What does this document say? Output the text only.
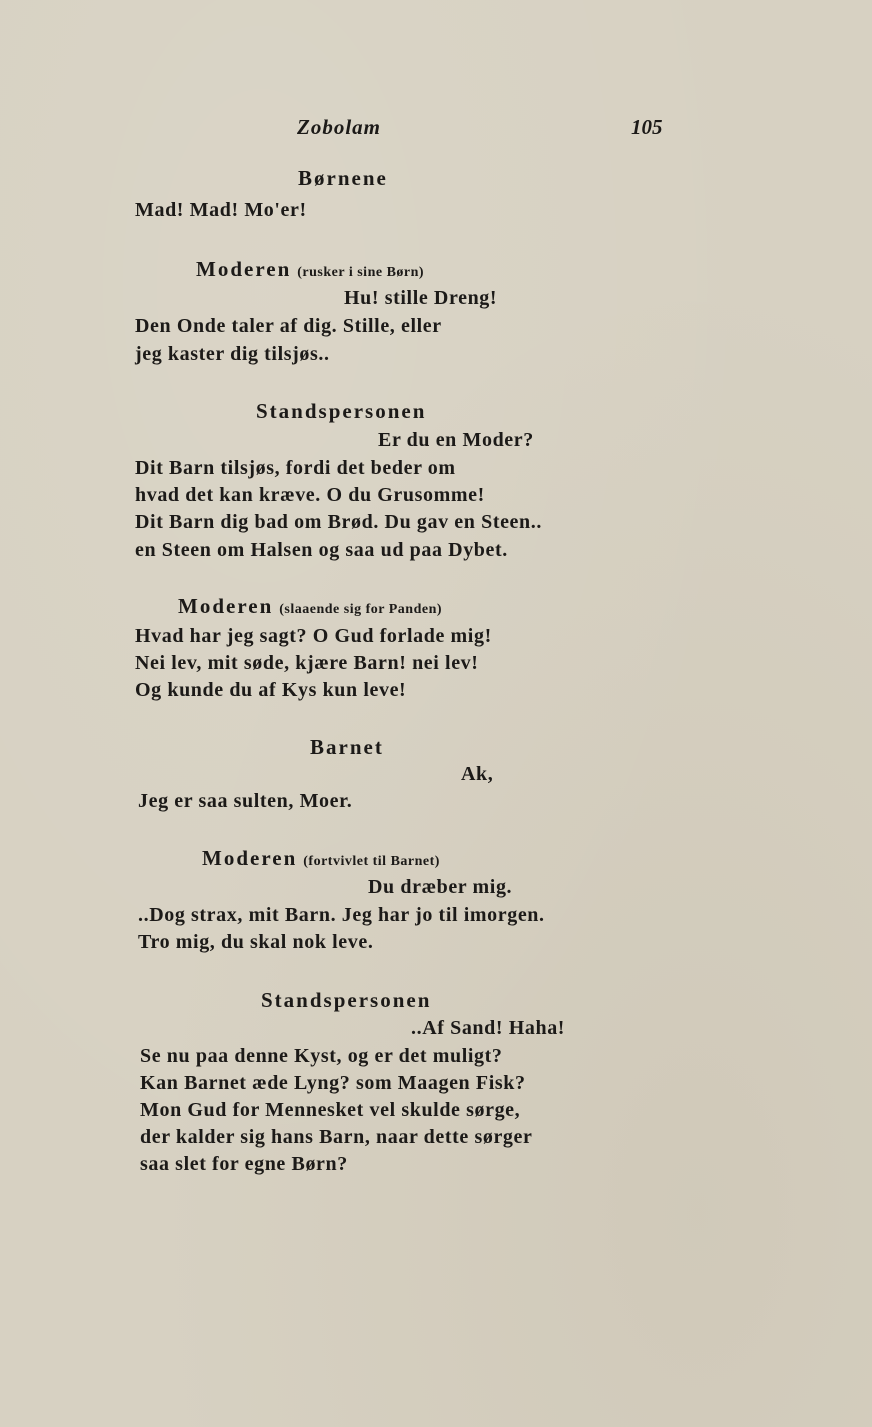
Zobolam	105
Børnene
Mad! Mad! Mo'er!
Moderen (rusker i sine Børn)
Hu! stille Dreng!
Den Onde taler af dig. Stille, eller
jeg kaster dig tilsjøs..
Standspersonen
Er du en Moder?
Dit Barn tilsjøs, fordi det beder om
hvad det kan kræve. O du Grusomme!
Dit Barn dig bad om Brød. Du gav en Steen..
en Steen om Halsen og saa ud paa Dybet.
Moderen (slaaende sig for Panden)
Hvad har jeg sagt? O Gud forlade mig!
Nei lev, mit søde, kjære Barn! nei lev!
Og kunde du af Kys kun leve!
Barnet
Ak,
Jeg er saa sulten, Moer.
Moderen (fortvivlet til Barnet)
Du dræber mig.
..Dog strax, mit Barn. Jeg har jo til imorgen.
Tro mig, du skal nok leve.
Standspersonen
..Af Sand! Haha!
Se nu paa denne Kyst, og er det muligt?
Kan Barnet æde Lyng? som Maagen Fisk?
Mon Gud for Mennesket vel skulde sørge,
der kalder sig hans Barn, naar dette sørger
saa slet for egne Børn?
